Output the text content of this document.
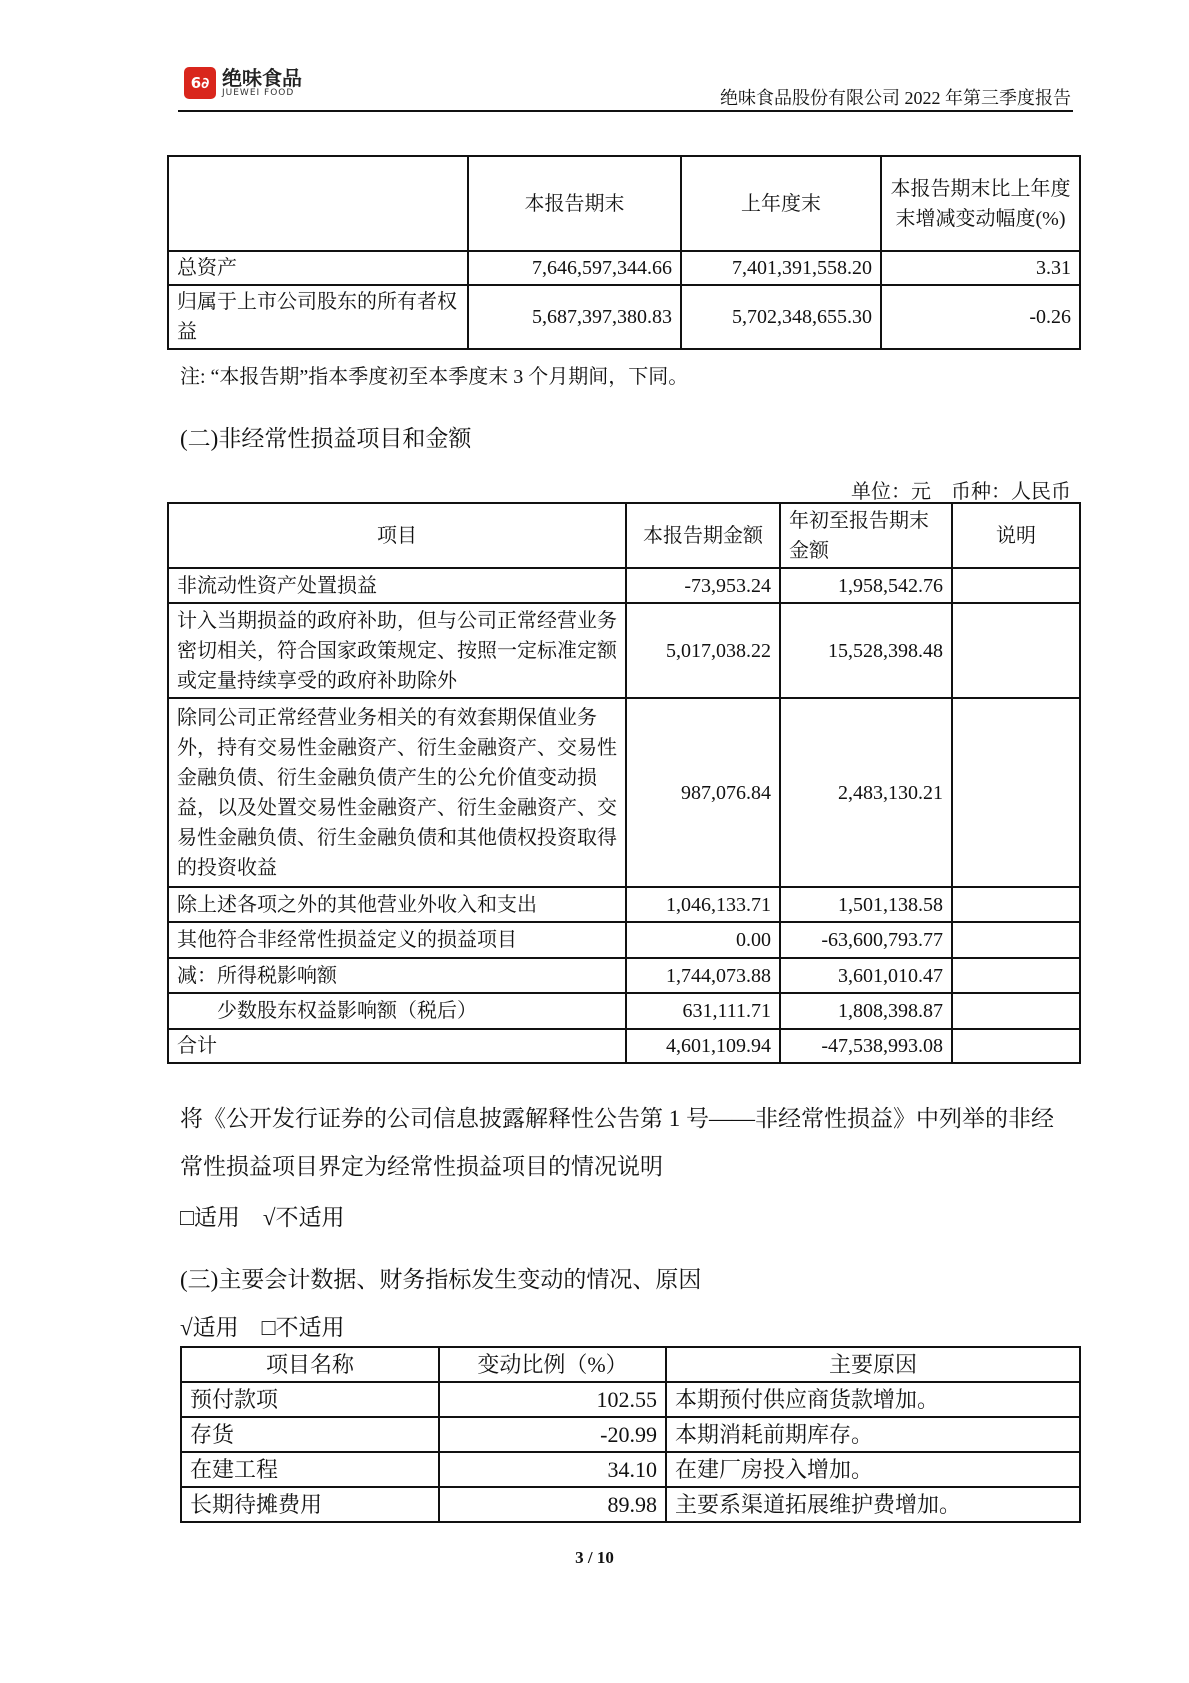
6∂ 绝味食品
JUEWEI FOOD	绝味食品股份有限公司 2022 年第三季度报告
	本报告期末	上年度末	本报告期末比上年度末增减变动幅度(%)
总资产	7,646,597,344.66	7,401,391,558.20	3.31
归属于上市公司股东的所有者权益	5,687,397,380.83	5,702,348,655.30	-0.26
注: “本报告期”指本季度初至本季度末 3 个月期间，下同。
(二)非经常性损益项目和金额
单位：元　币种：人民币
项目	本报告期金额	年初至报告期末金额	说明
非流动性资产处置损益	-73,953.24	1,958,542.76	
计入当期损益的政府补助，但与公司正常经营业务密切相关，符合国家政策规定、按照一定标准定额或定量持续享受的政府补助除外	5,017,038.22	15,528,398.48	
除同公司正常经营业务相关的有效套期保值业务外，持有交易性金融资产、衍生金融资产、交易性金融负债、衍生金融负债产生的公允价值变动损益，以及处置交易性金融资产、衍生金融资产、交易性金融负债、衍生金融负债和其他债权投资取得的投资收益	987,076.84	2,483,130.21	
除上述各项之外的其他营业外收入和支出	1,046,133.71	1,501,138.58	
其他符合非经常性损益定义的损益项目	0.00	-63,600,793.77	
减：所得税影响额	1,744,073.88	3,601,010.47	
少数股东权益影响额（税后）	631,111.71	1,808,398.87	
合计	4,601,109.94	-47,538,993.08	
将《公开发行证券的公司信息披露解释性公告第 1 号——非经常性损益》中列举的非经常性损益项目界定为经常性损益项目的情况说明
□适用　√不适用
(三)主要会计数据、财务指标发生变动的情况、原因
√适用　□不适用
项目名称	变动比例（%）	主要原因
预付款项	102.55	本期预付供应商货款增加。
存货	-20.99	本期消耗前期库存。
在建工程	34.10	在建厂房投入增加。
长期待摊费用	89.98	主要系渠道拓展维护费增加。
3 / 10
